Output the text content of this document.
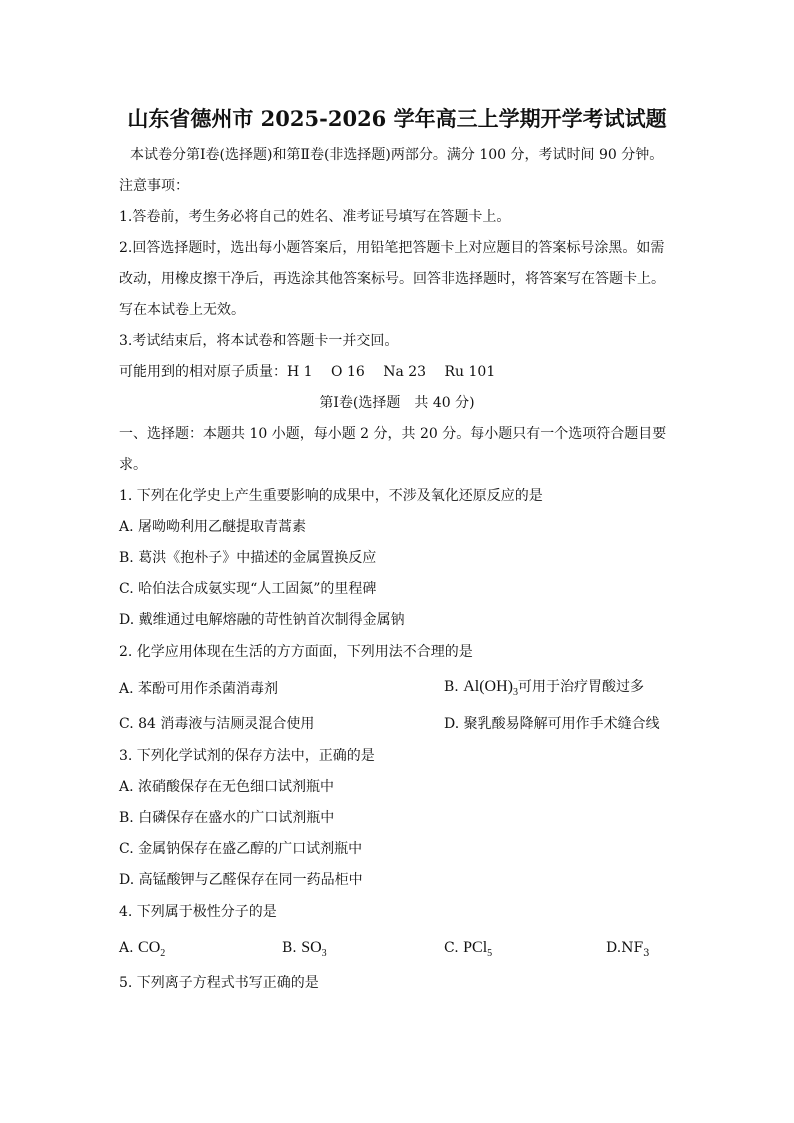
山东省德州市 2025-2026 学年高三上学期开学考试试题
本试卷分第Ⅰ卷(选择题)和第Ⅱ卷(非选择题)两部分。满分 100 分，考试时间 90 分钟。
注意事项：
1.答卷前，考生务必将自己的姓名、准考证号填写在答题卡上。
2.回答选择题时，选出每小题答案后，用铅笔把答题卡上对应题目的答案标号涂黑。如需
改动，用橡皮擦干净后，再选涂其他答案标号。回答非选择题时，将答案写在答题卡上。
写在本试卷上无效。
3.考试结束后，将本试卷和答题卡一并交回。
可能用到的相对原子质量：H 1　 O 16　 Na 23　 Ru 101
第Ⅰ卷(选择题　共 40 分)
一、选择题：本题共 10 小题，每小题 2 分，共 20 分。每小题只有一个选项符合题目要
求。
1. 下列在化学史上产生重要影响的成果中，不涉及氧化还原反应的是
A. 屠呦呦利用乙醚提取青蒿素
B. 葛洪《抱朴子》中描述的金属置换反应
C. 哈伯法合成氨实现“人工固氮”的里程碑
D. 戴维通过电解熔融的苛性钠首次制得金属钠
2. 化学应用体现在生活的方方面面，下列用法不合理的是
A. 苯酚可用作杀菌消毒剂	B. $Al(OH)_3$可用于治疗胃酸过多
C. 84 消毒液与洁厕灵混合使用	D. 聚乳酸易降解可用作手术缝合线
3. 下列化学试剂的保存方法中，正确的是
A. 浓硝酸保存在无色细口试剂瓶中
B. 白磷保存在盛水的广口试剂瓶中
C. 金属钠保存在盛乙醇的广口试剂瓶中
D. 高锰酸钾与乙醛保存在同一药品柜中
4. 下列属于极性分子的是
A. $CO_2$	B. $SO_3$	C. PCl$_5$	$D.NF_3$
5. 下列离子方程式书写正确的是
